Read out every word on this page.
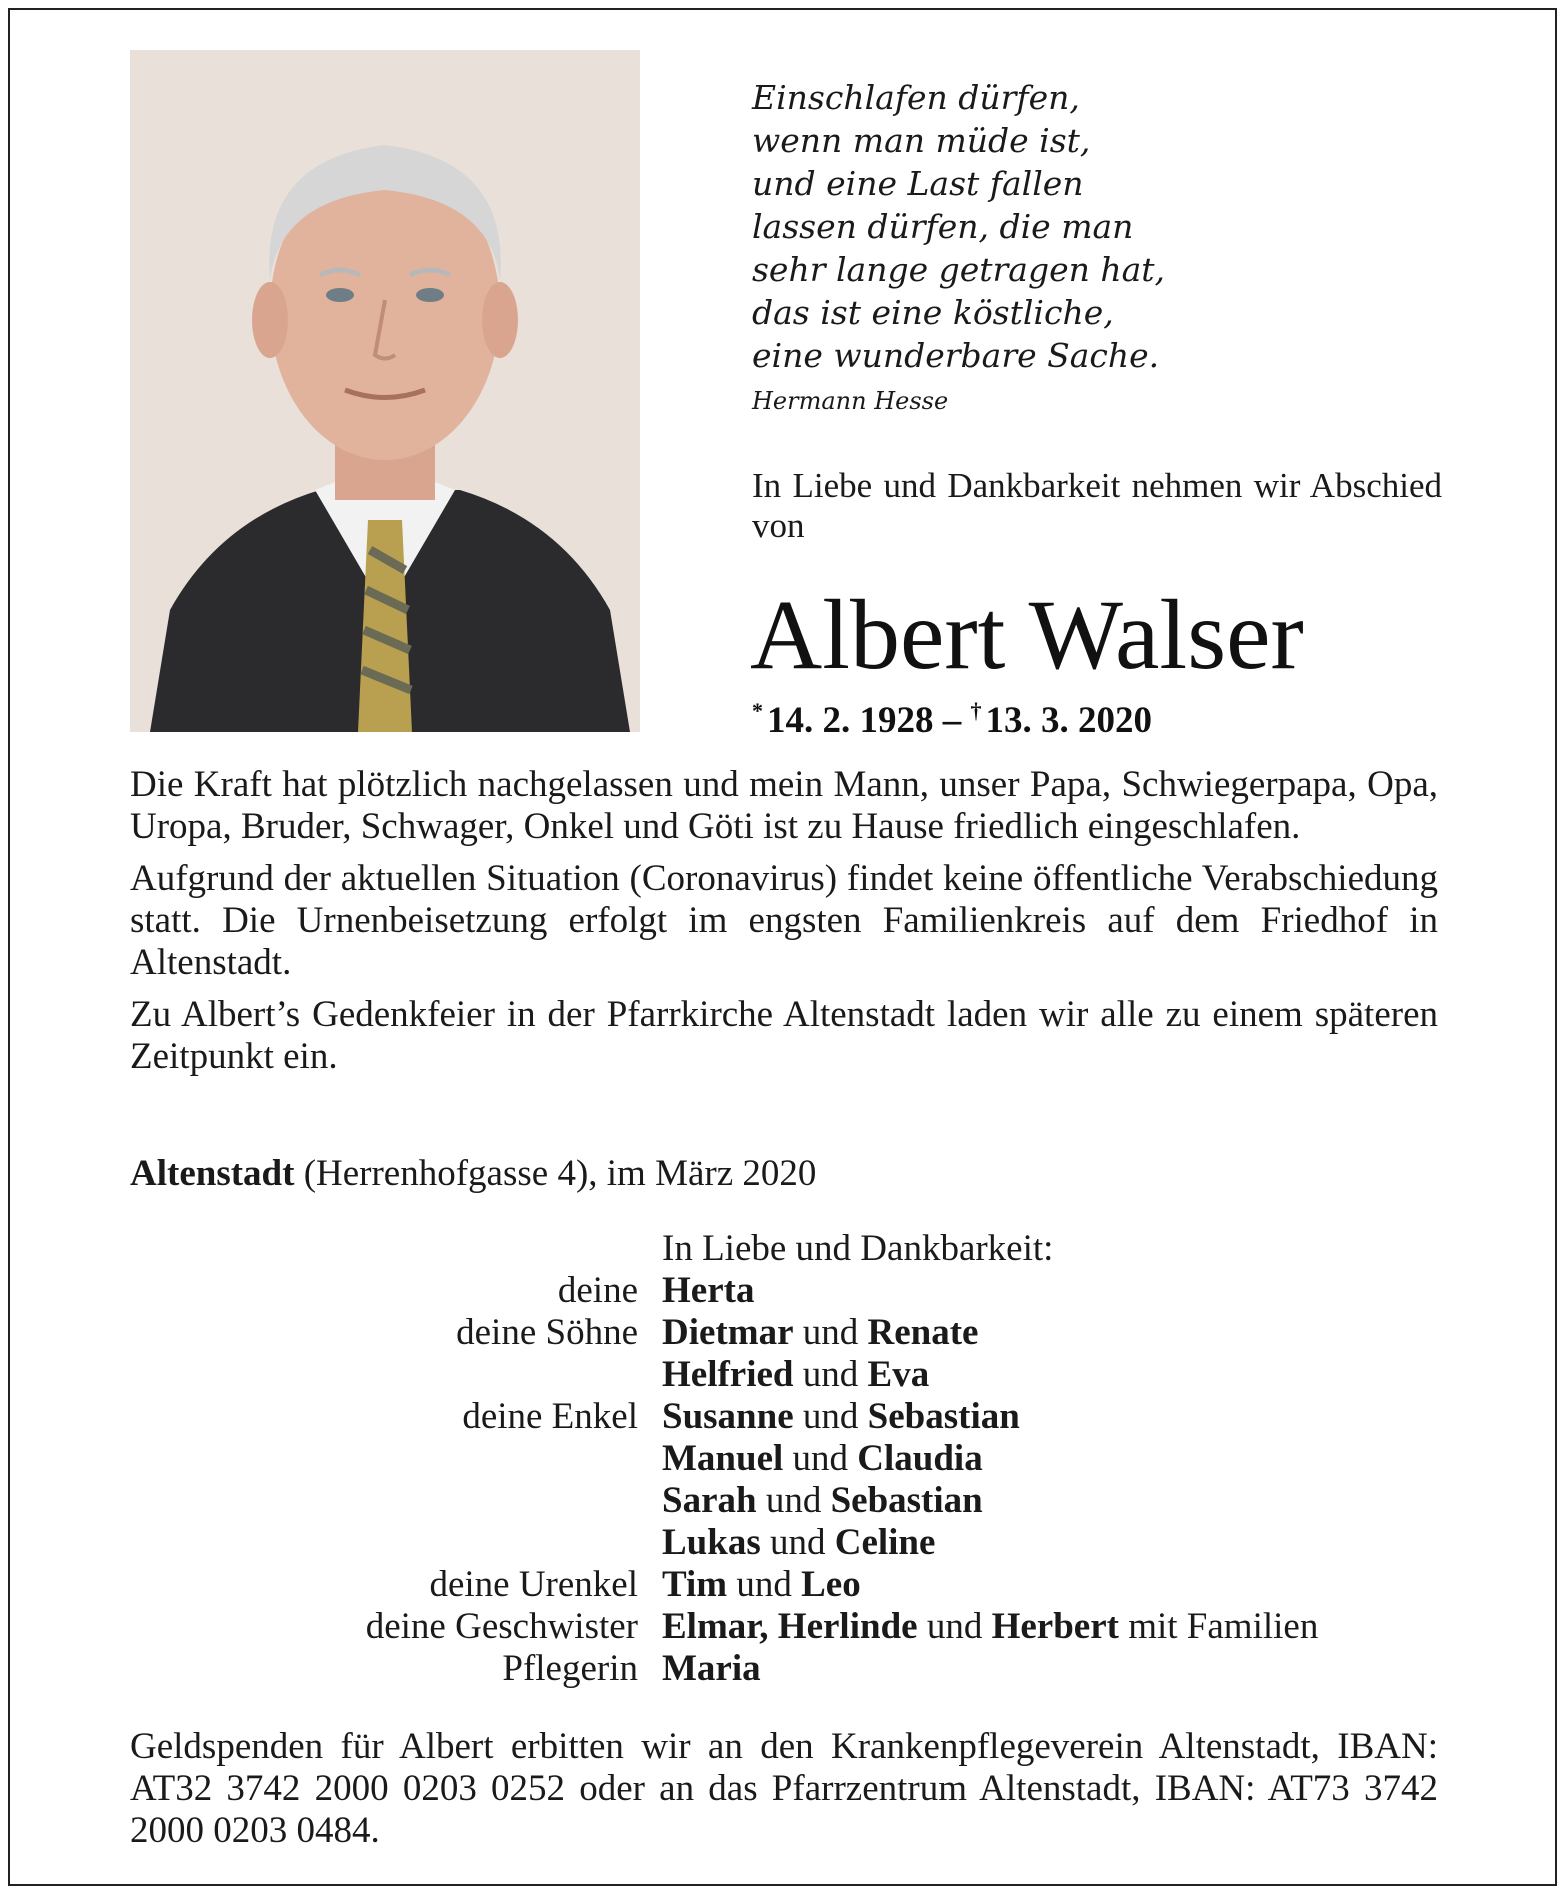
Einschlafen dürfen,
wenn man müde ist,
und eine Last fallen
lassen dürfen, die man
sehr lange getragen hat,
das ist eine köstliche,
eine wunderbare Sache.
Hermann Hesse
In Liebe und Dankbarkeit nehmen wir Abschied von
Albert Walser
* 14. 2. 1928 – † 13. 3. 2020

Die Kraft hat plötzlich nachgelassen und mein Mann, unser Papa, Schwiegerpapa, Opa, Uropa, Bruder, Schwager, Onkel und Göti ist zu Hause friedlich eingeschlafen.

Aufgrund der aktuellen Situation (Coronavirus) findet keine öffentliche Verabschiedung statt. Die Urnenbeisetzung erfolgt im engsten Familienkreis auf dem Friedhof in Altenstadt.

Zu Albert’s Gedenkfeier in der Pfarrkirche Altenstadt laden wir alle zu einem späteren Zeitpunkt ein.

Altenstadt (Herrenhofgasse 4), im März 2020
In Liebe und Dankbarkeit:
deine Herta
deine Söhne Dietmar und Renate
Helfried und Eva
deine Enkel Susanne und Sebastian
Manuel und Claudia
Sarah und Sebastian
Lukas und Celine
deine Urenkel Tim und Leo
deine Geschwister Elmar, Herlinde und Herbert mit Familien
Pflegerin Maria
Geldspenden für Albert erbitten wir an den Krankenpflegeverein Altenstadt, IBAN: AT32 3742 2000 0203 0252 oder an das Pfarrzentrum Altenstadt, IBAN: AT73 3742 2000 0203 0484.
